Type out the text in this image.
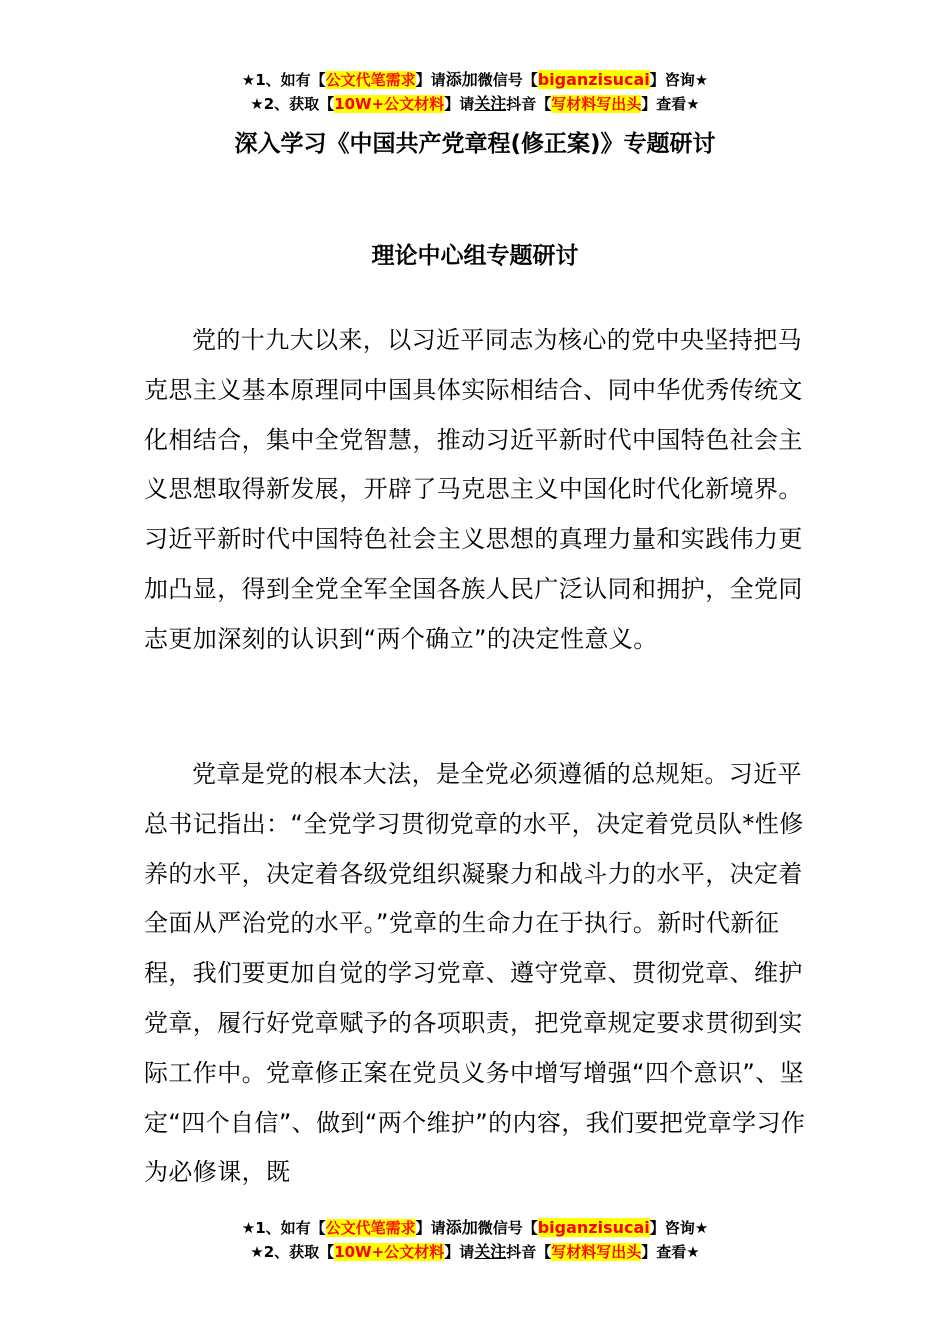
★1、如有【公文代笔需求】请添加微信号【biganzisucai】咨询★
★2、获取【10W+公文材料】请关注抖音【写材料写出头】查看★
深入学习《中国共产党章程(修正案)》专题研讨
理论中心组专题研讨

党的十九大以来，以习近平同志为核心的党中央坚持把马克思主义基本原理同中国具体实际相结合、同中华优秀传统文化相结合，集中全党智慧，推动习近平新时代中国特色社会主义思想取得新发展，开辟了马克思主义中国化时代化新境界。习近平新时代中国特色社会主义思想的真理力量和实践伟力更加凸显，得到全党全军全国各族人民广泛认同和拥护，全党同志更加深刻的认识到“两个确立”的决定性意义。

党章是党的根本大法，是全党必须遵循的总规矩。习近平总书记指出：“全党学习贯彻党章的水平，决定着党员队*性修养的水平，决定着各级党组织凝聚力和战斗力的水平，决定着全面从严治党的水平。”党章的生命力在于执行。新时代新征程，我们要更加自觉的学习党章、遵守党章、贯彻党章、维护党章，履行好党章赋予的各项职责，把党章规定要求贯彻到实际工作中。党章修正案在党员义务中增写增强“四个意识”、坚定“四个自信”、做到“两个维护”的内容，我们要把党章学习作为必修课，既

★1、如有【公文代笔需求】请添加微信号【biganzisucai】咨询★
★2、获取【10W+公文材料】请关注抖音【写材料写出头】查看★
